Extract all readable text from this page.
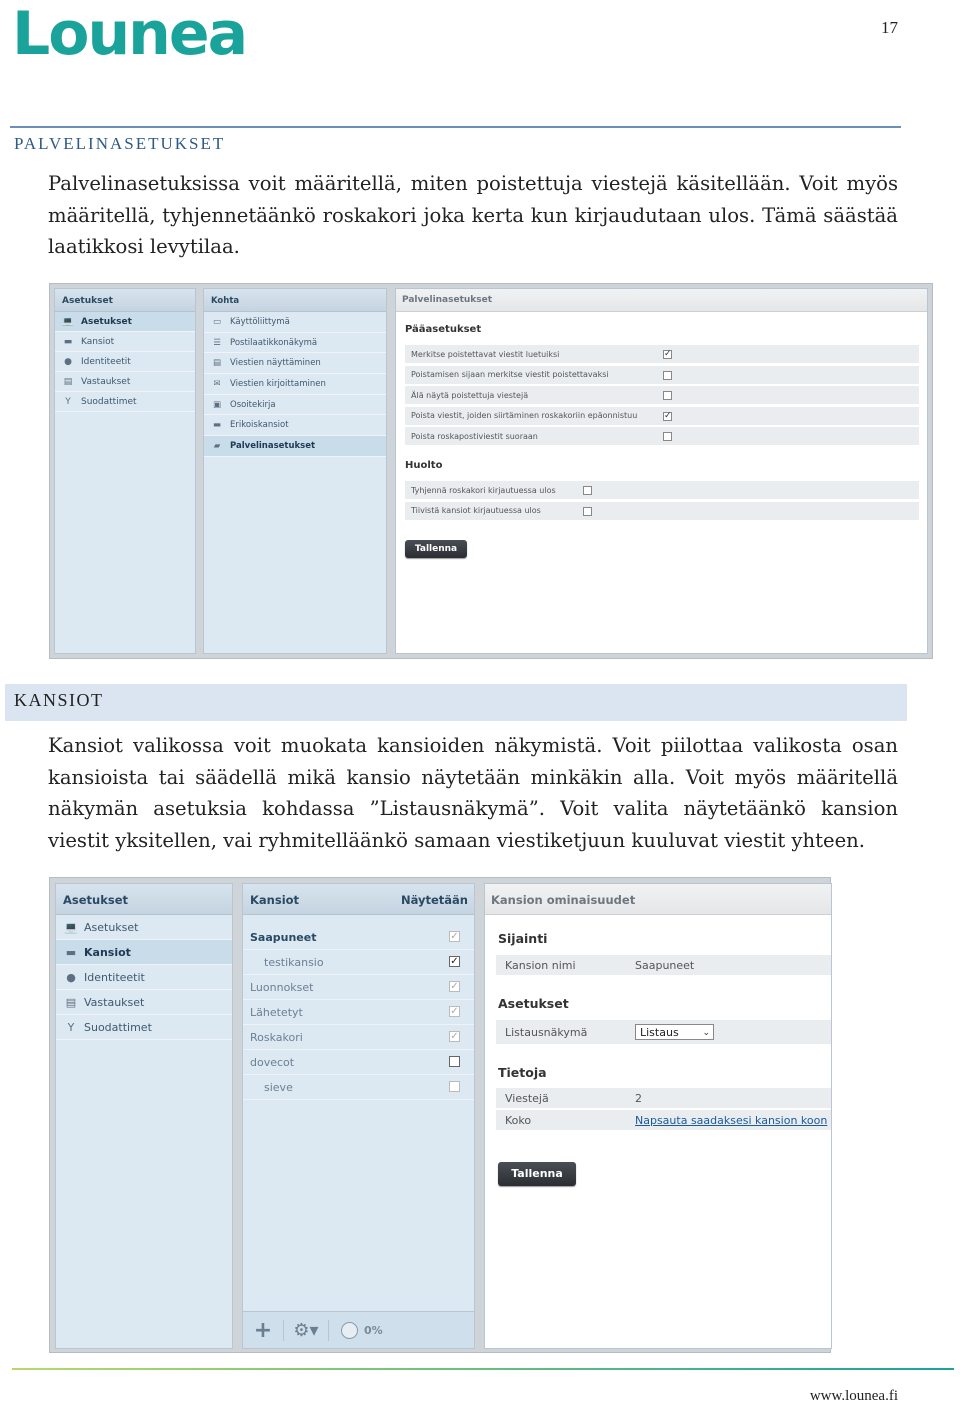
Lounea	17
PALVELINASETUKSET
Palvelinasetuksissa voit määritellä, miten poistettuja viestejä käsitellään. Voit myös määritellä, tyhjennetäänkö roskakori joka kerta kun kirjaudutaan ulos. Tämä säästää laatikkosi levytilaa.
Asetukset
💻 Asetukset
▬ Kansiot
●	Identiteetit
▤ Vastaukset
Y	Suodattimet
Kohta
▭	Käyttöliittymä
☰	Postilaatikkonäkymä
▤	Viestien näyttäminen
✉	Viestien kirjoittaminen
▣	Osoitekirja
▬	Erikoiskansiot
▰	Palvelinasetukset
Palvelinasetukset
Pääasetukset
Merkitse poistettavat viestit luetuiksi	✓
Poistamisen sijaan merkitse viestit poistettavaksi
Älä näytä poistettuja viestejä
Poista viestit, joiden siirtäminen roskakoriin epäonnistuu	✓
Poista roskapostiviestit suoraan
Huolto
Tyhjennä roskakori kirjautuessa ulos
Tiivistä kansiot kirjautuessa ulos
Tallenna
KANSIOT
Kansiot valikossa voit muokata kansioiden näkymistä. Voit piilottaa valikosta osan kansioista tai säädellä mikä kansio näytetään minkäkin alla. Voit myös määritellä näkymän asetuksia kohdassa ”Listausnäkymä”. Voit valita näytetäänkö kansion viestit yksitellen, vai ryhmitelläänkö samaan viestiketjuun kuuluvat viestit yhteen.
Asetukset
💻 Asetukset
▬ Kansiot
● Identiteetit
▤ Vastaukset
Y Suodattimet
Kansiot	Näytetään
Saapuneet	✓
testikansio	✓
Luonnokset	✓
Lähetetyt	✓
Roskakori	✓
dovecot
sieve
+	⚙▾	0%
Kansion ominaisuudet
Sijainti
Kansion nimi	Saapuneet
Asetukset
Listausnäkymä	Listaus	⌄
Tietoja
Viestejä	2
Koko	Napsauta saadaksesi kansion koon
Tallenna
www.lounea.fi
